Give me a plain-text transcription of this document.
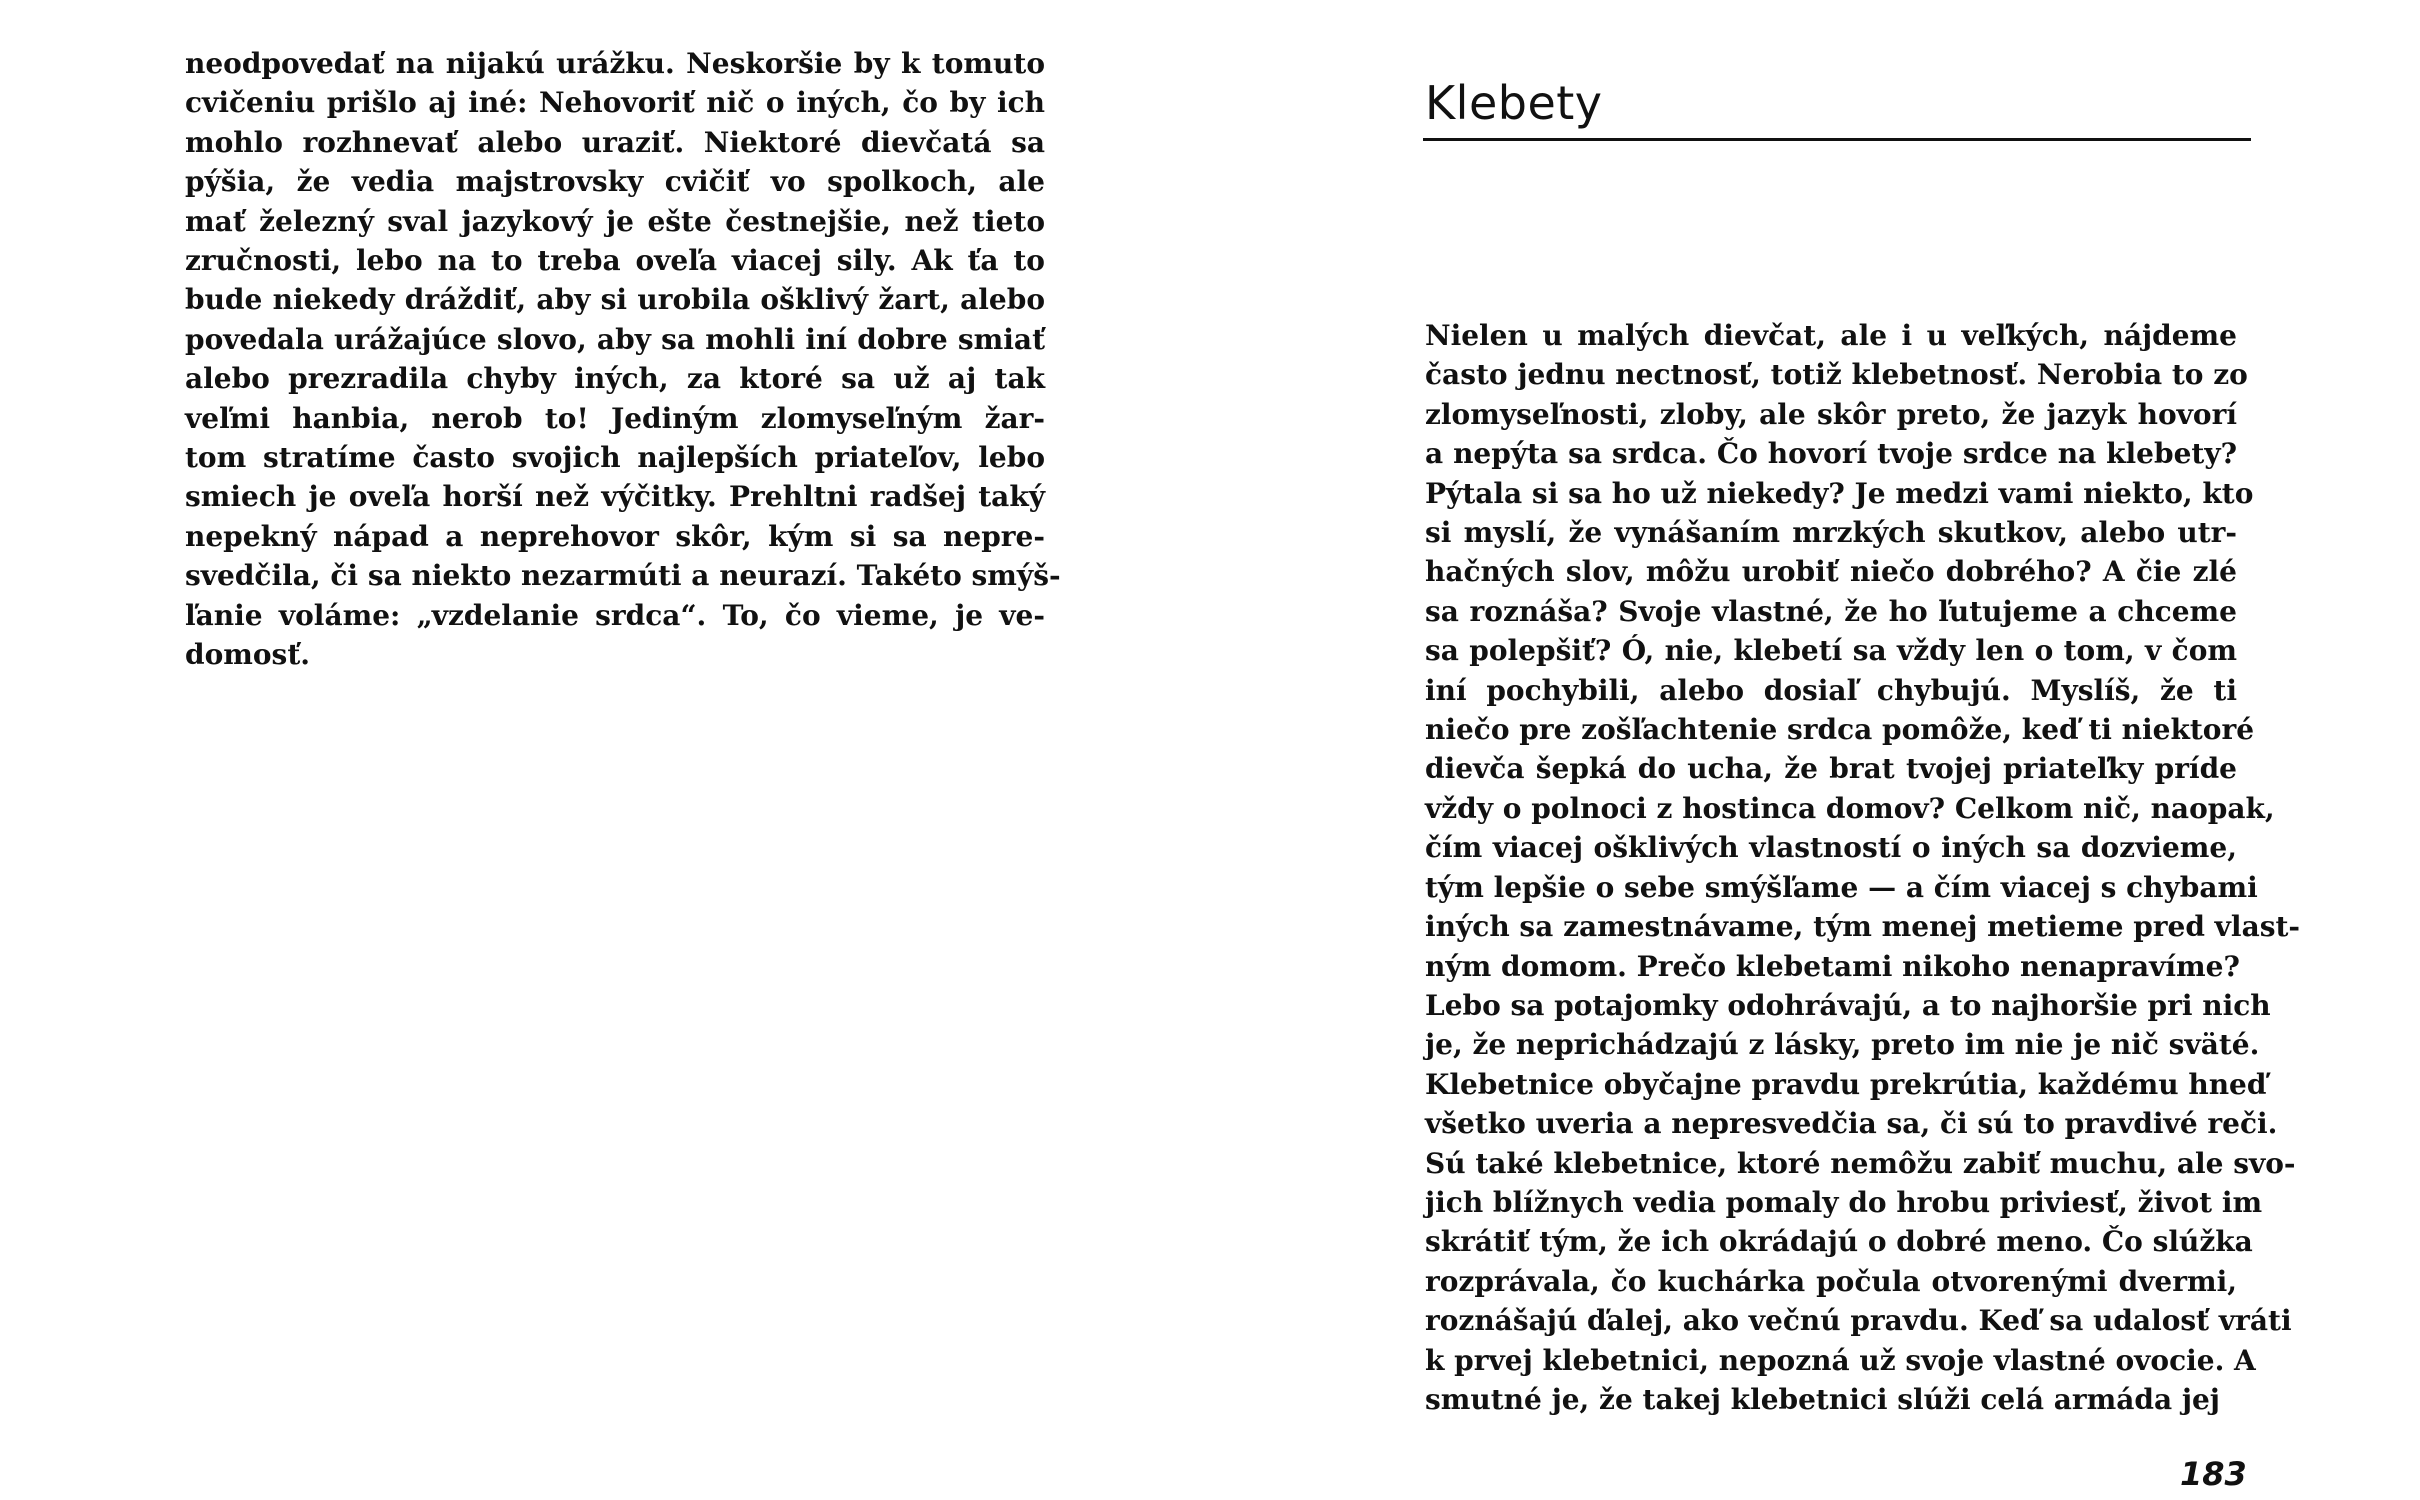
neodpovedať na nijakú urážku. Neskoršie by k tomuto
cvičeniu prišlo aj iné: Nehovoriť nič o iných, čo by ich
mohlo rozhnevať alebo uraziť. Niektoré dievčatá sa
pýšia, že vedia majstrovsky cvičiť vo spolkoch, ale
mať železný sval jazykový je ešte čestnejšie, než tieto
zručnosti, lebo na to treba oveľa viacej sily. Ak ťa to
bude niekedy dráždiť, aby si urobila ošklivý žart, alebo
povedala urážajúce slovo, aby sa mohli iní dobre smiať
alebo prezradila chyby iných, za ktoré sa už aj tak
veľmi hanbia, nerob to! Jediným zlomyseľným žar-
tom stratíme často svojich najlepších priateľov, lebo
smiech je oveľa horší než výčitky. Prehltni radšej taký
nepekný nápad a neprehovor skôr, kým si sa nepre-
svedčila, či sa niekto nezarmúti a neurazí. Takéto smýš-
ľanie voláme: „vzdelanie srdca“. To, čo vieme, je ve-
domosť.
Klebety
Nielen u malých dievčat, ale i u veľkých, nájdeme
často jednu nectnosť, totiž klebetnosť. Nerobia to zo
zlomyseľnosti, zloby, ale skôr preto, že jazyk hovorí
a nepýta sa srdca. Čo hovorí tvoje srdce na klebety?
Pýtala si sa ho už niekedy? Je medzi vami niekto, kto
si myslí, že vynášaním mrzkých skutkov, alebo utr-
hačných slov, môžu urobiť niečo dobrého? A čie zlé
sa roznáša? Svoje vlastné, že ho ľutujeme a chceme
sa polepšiť? Ó, nie, klebetí sa vždy len o tom, v čom
iní pochybili, alebo dosiaľ chybujú. Myslíš, že ti
niečo pre zošľachtenie srdca pomôže, keď ti niektoré
dievča šepká do ucha, že brat tvojej priateľky príde
vždy o polnoci z hostinca domov? Celkom nič, naopak,
čím viacej ošklivých vlastností o iných sa dozvieme,
tým lepšie o sebe smýšľame — a čím viacej s chybami
iných sa zamestnávame, tým menej metieme pred vlast-
ným domom. Prečo klebetami nikoho nenapravíme?
Lebo sa potajomky odohrávajú, a to najhoršie pri nich
je, že neprichádzajú z lásky, preto im nie je nič sväté.
Klebetnice obyčajne pravdu prekrútia, každému hneď
všetko uveria a nepresvedčia sa, či sú to pravdivé reči.
Sú také klebetnice, ktoré nemôžu zabiť muchu, ale svo-
jich blížnych vedia pomaly do hrobu priviesť, život im
skrátiť tým, že ich okrádajú o dobré meno. Čo slúžka
rozprávala, čo kuchárka počula otvorenými dvermi,
roznášajú ďalej, ako večnú pravdu. Keď sa udalosť vráti
k prvej klebetnici, nepozná už svoje vlastné ovocie. A
smutné je, že takej klebetnici slúži celá armáda jej
183
